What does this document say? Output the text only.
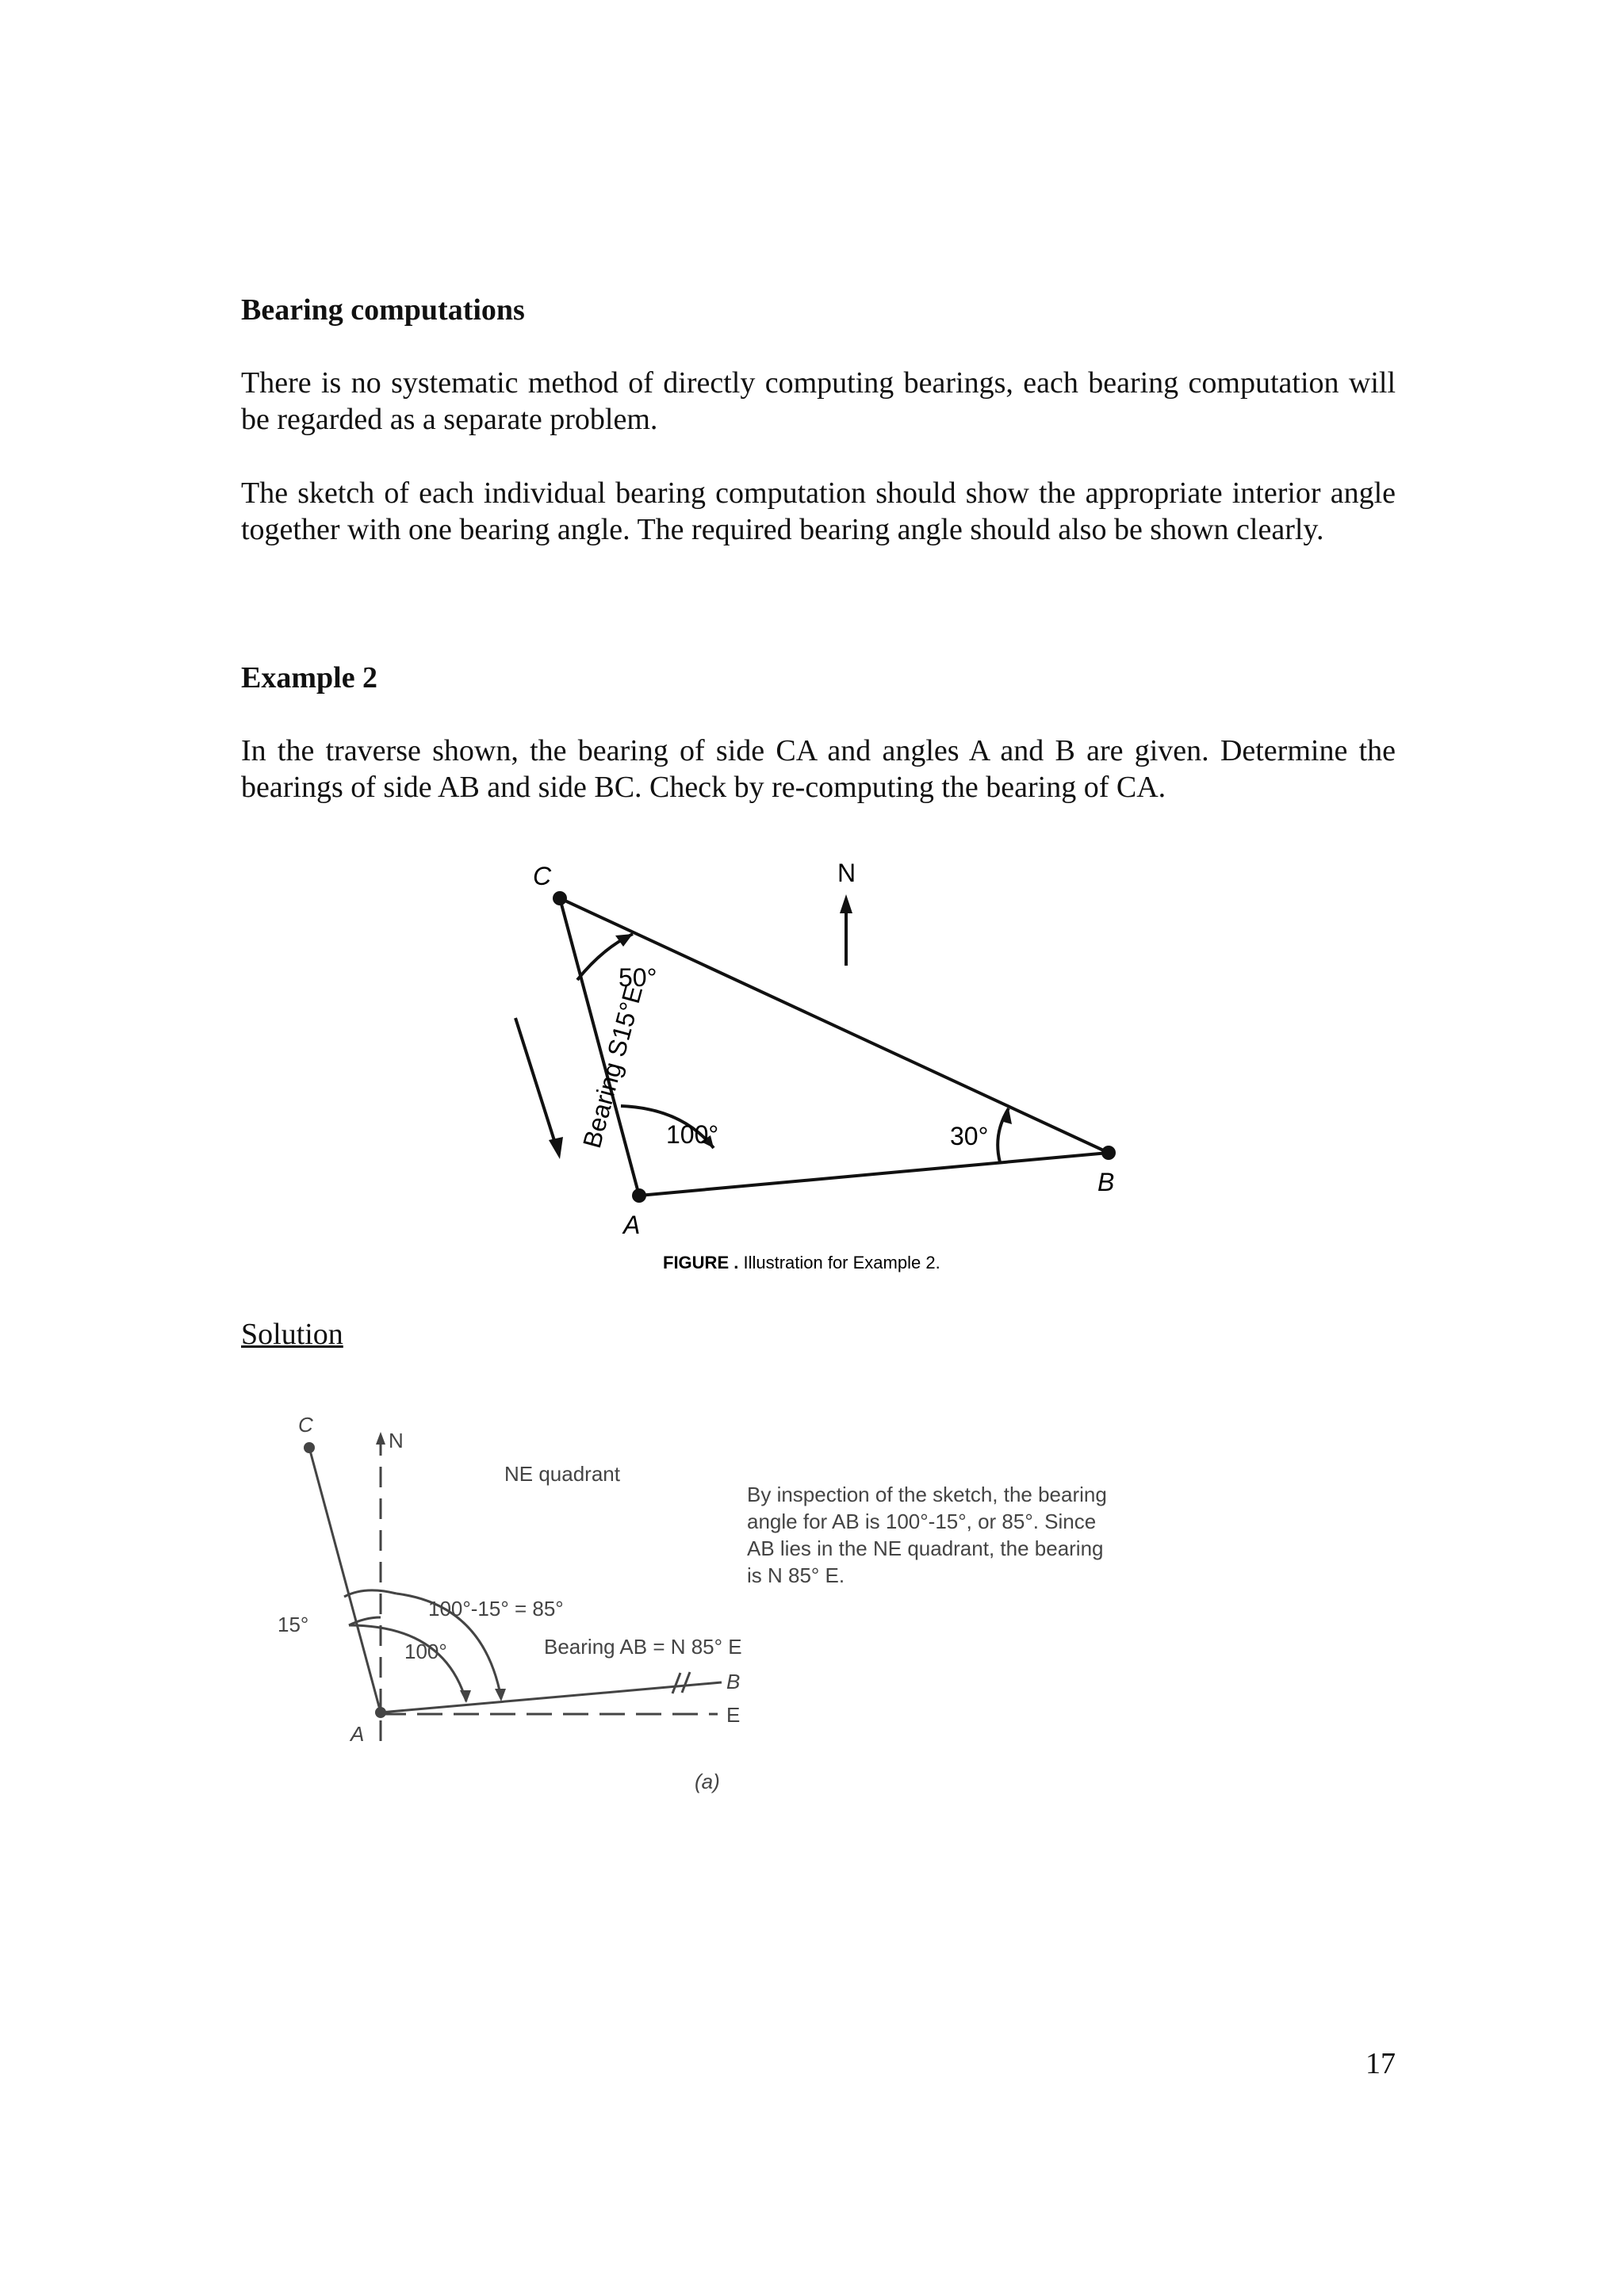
Bearing computations
There is no systematic method of directly computing bearings, each bearing computation will be regarded as a separate problem.
The sketch of each individual bearing computation should show the appropriate interior angle together with one bearing angle. The required bearing angle should also be shown clearly.
Example 2
In the traverse shown, the bearing of side CA and angles A and B are given. Determine the bearings of side AB and side BC. Check by re-computing the bearing of CA.
C
A
B
N
50°
100°	30°
Bearing S15°E
FIGURE . Illustration for Example 2.
Solution
C
N
A
B
E
NE quadrant
15°
100°-15° = 85°
100°	Bearing AB = N 85° E
By inspection of the sketch, the bearing
angle for AB is 100°-15°, or 85°. Since
AB lies in the NE quadrant, the bearing
is N 85° E.
(a)
17
